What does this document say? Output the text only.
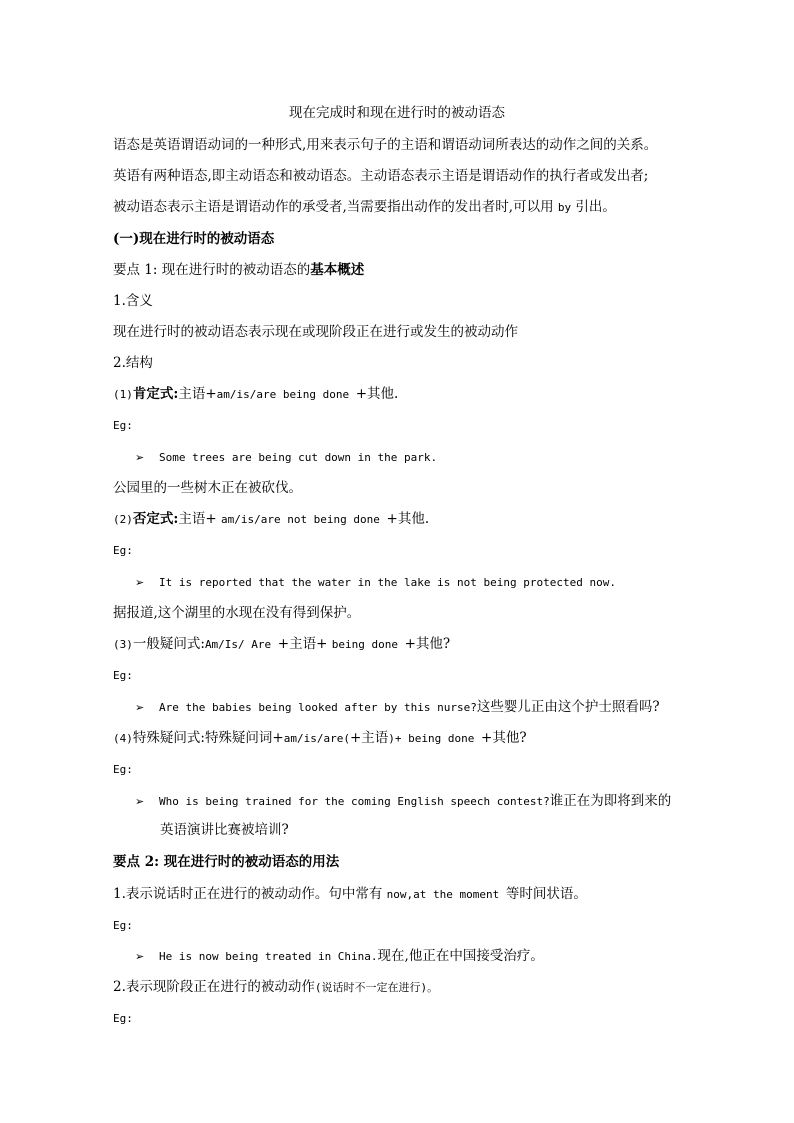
现在完成时和现在进行时的被动语态
语态是英语谓语动词的一种形式,用来表示句子的主语和谓语动词所表达的动作之间的关系。
英语有两种语态,即主动语态和被动语态。主动语态表示主语是谓语动作的执行者或发出者;
被动语态表示主语是谓语动作的承受者,当需要指出动作的发出者时,可以用 by 引出。
(一)现在进行时的被动语态
要点 1: 现在进行时的被动语态的基本概述
1.含义
现在进行时的被动语态表示现在或现阶段正在进行或发生的被动动作
2.结构
(1)肯定式:主语+am/is/are being done +其他.
Eg:
➢ Some trees are being cut down in the park.
公园里的一些树木正在被砍伐。
(2)否定式:主语+ am/is/are not being done +其他.
Eg:
➢ It is reported that the water in the lake is not being protected now.
据报道,这个湖里的水现在没有得到保护。
(3)一般疑问式:Am/Is/ Are +主语+ being done +其他?
Eg:
➢ Are the babies being looked after by this nurse?这些婴儿正由这个护士照看吗?
(4)特殊疑问式:特殊疑问词+am/is/are(+主语)+ being done +其他?
Eg:
➢ Who is being trained for the coming English speech contest?谁正在为即将到来的
英语演讲比赛被培训?
要点 2: 现在进行时的被动语态的用法
1.表示说话时正在进行的被动动作。句中常有 now,at the moment 等时间状语。
Eg:
➢ He is now being treated in China.现在,他正在中国接受治疗。
2.表示现阶段正在进行的被动动作(说话时不一定在进行)。
Eg:
